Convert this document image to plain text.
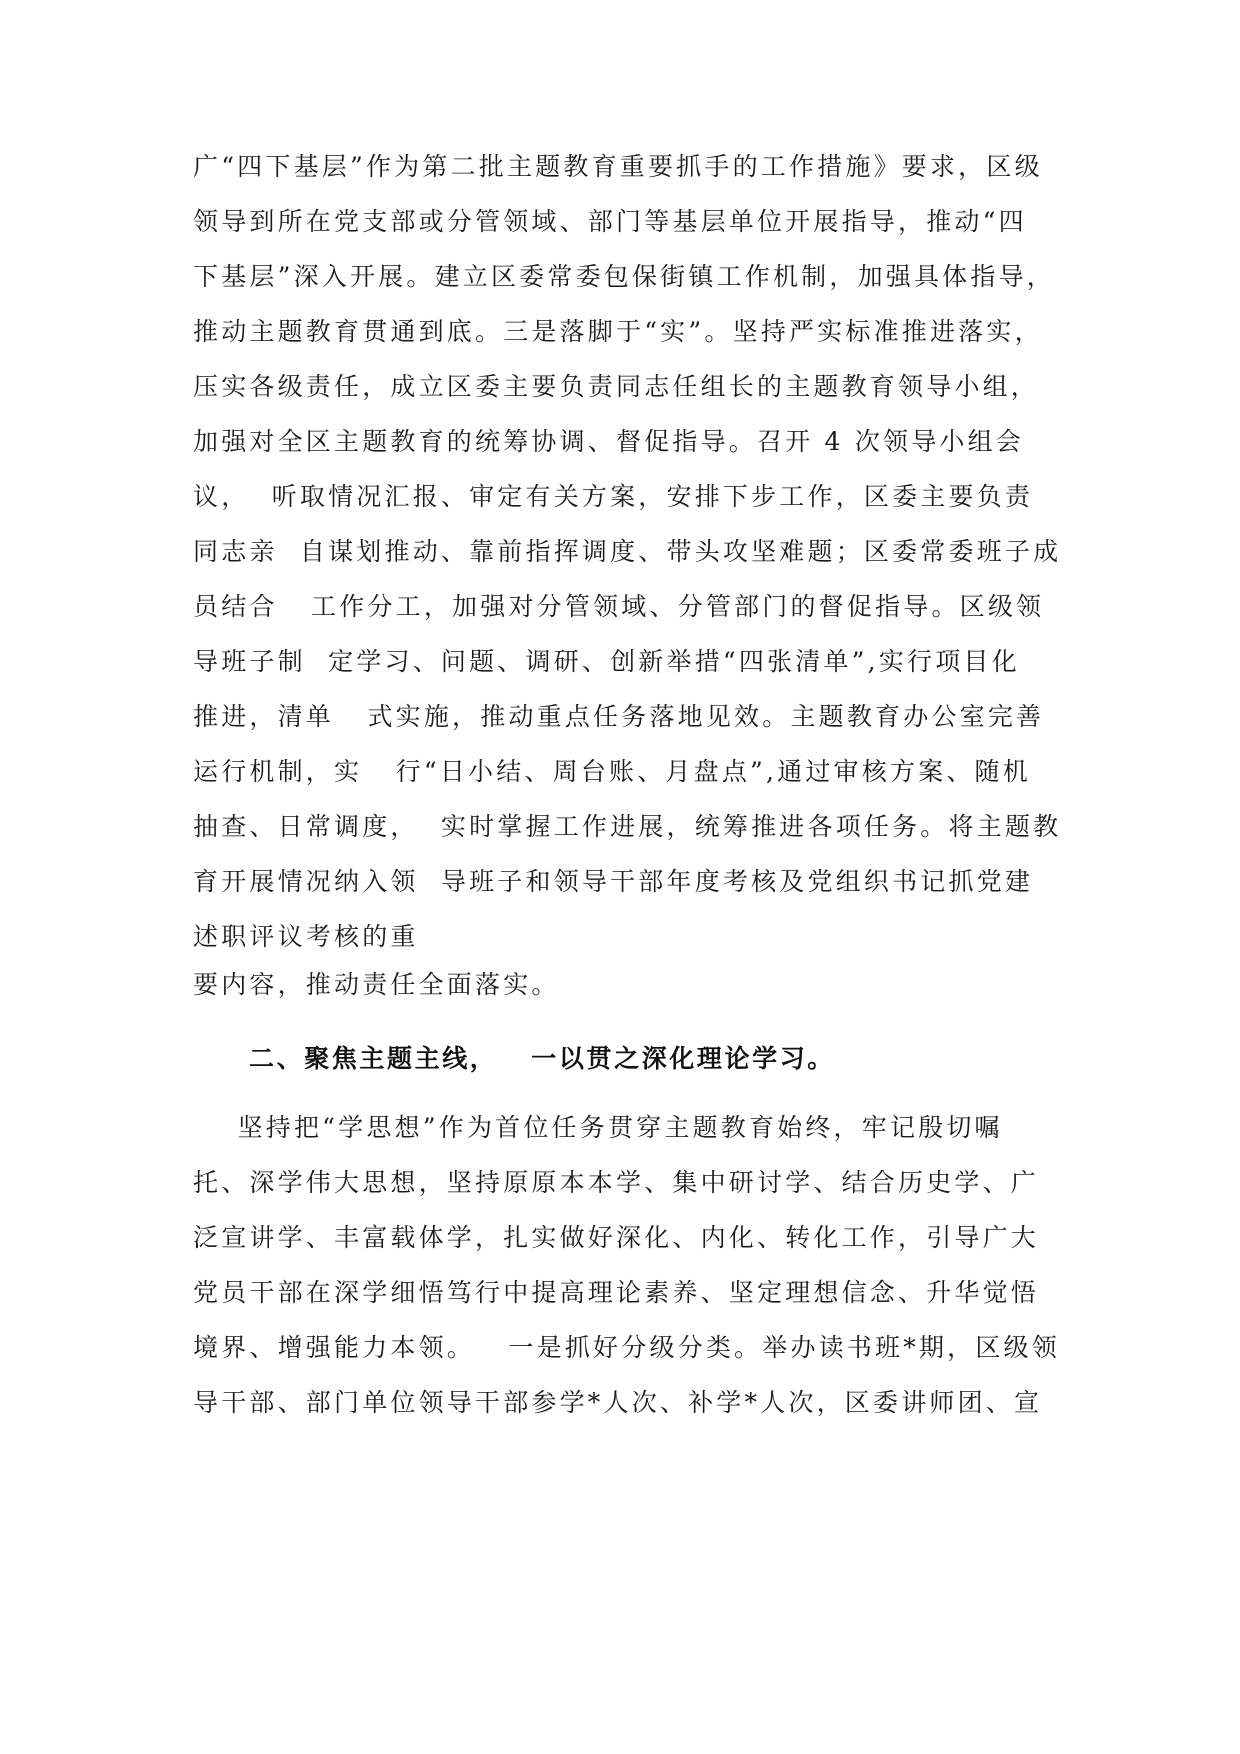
广“四下基层”作为第二批主题教育重要抓手的工作措施》要求，区级
领导到所在党支部或分管领域、部门等基层单位开展指导，推动“四
下基层”深入开展。建立区委常委包保街镇工作机制，加强具体指导，
推动主题教育贯通到底。三是落脚于“实”。坚持严实标准推进落实，
压实各级责任，成立区委主要负责同志任组长的主题教育领导小组，
加强对全区主题教育的统筹协调、督促指导。召开 4 次领导小组会
议，  听取情况汇报、审定有关方案，安排下步工作，区委主要负责
同志亲  自谋划推动、靠前指挥调度、带头攻坚难题；区委常委班子成
员结合   工作分工，加强对分管领域、分管部门的督促指导。区级领
导班子制  定学习、问题、调研、创新举措“四张清单”,实行项目化
推进，清单   式实施，推动重点任务落地见效。主题教育办公室完善
运行机制，实   行“日小结、周台账、月盘点”,通过审核方案、随机
抽查、日常调度，  实时掌握工作进展，统筹推进各项任务。将主题教
育开展情况纳入领  导班子和领导干部年度考核及党组织书记抓党建
述职评议考核的重
要内容，推动责任全面落实。
二、聚焦主题主线，   一以贯之深化理论学习。
坚持把“学思想”作为首位任务贯穿主题教育始终，牢记殷切嘱
托、深学伟大思想，坚持原原本本学、集中研讨学、结合历史学、广
泛宣讲学、丰富载体学，扎实做好深化、内化、转化工作，引导广大
党员干部在深学细悟笃行中提高理论素养、坚定理想信念、升华觉悟
境界、增强能力本领。   一是抓好分级分类。举办读书班*期，区级领
导干部、部门单位领导干部参学*人次、补学*人次，区委讲师团、宣
